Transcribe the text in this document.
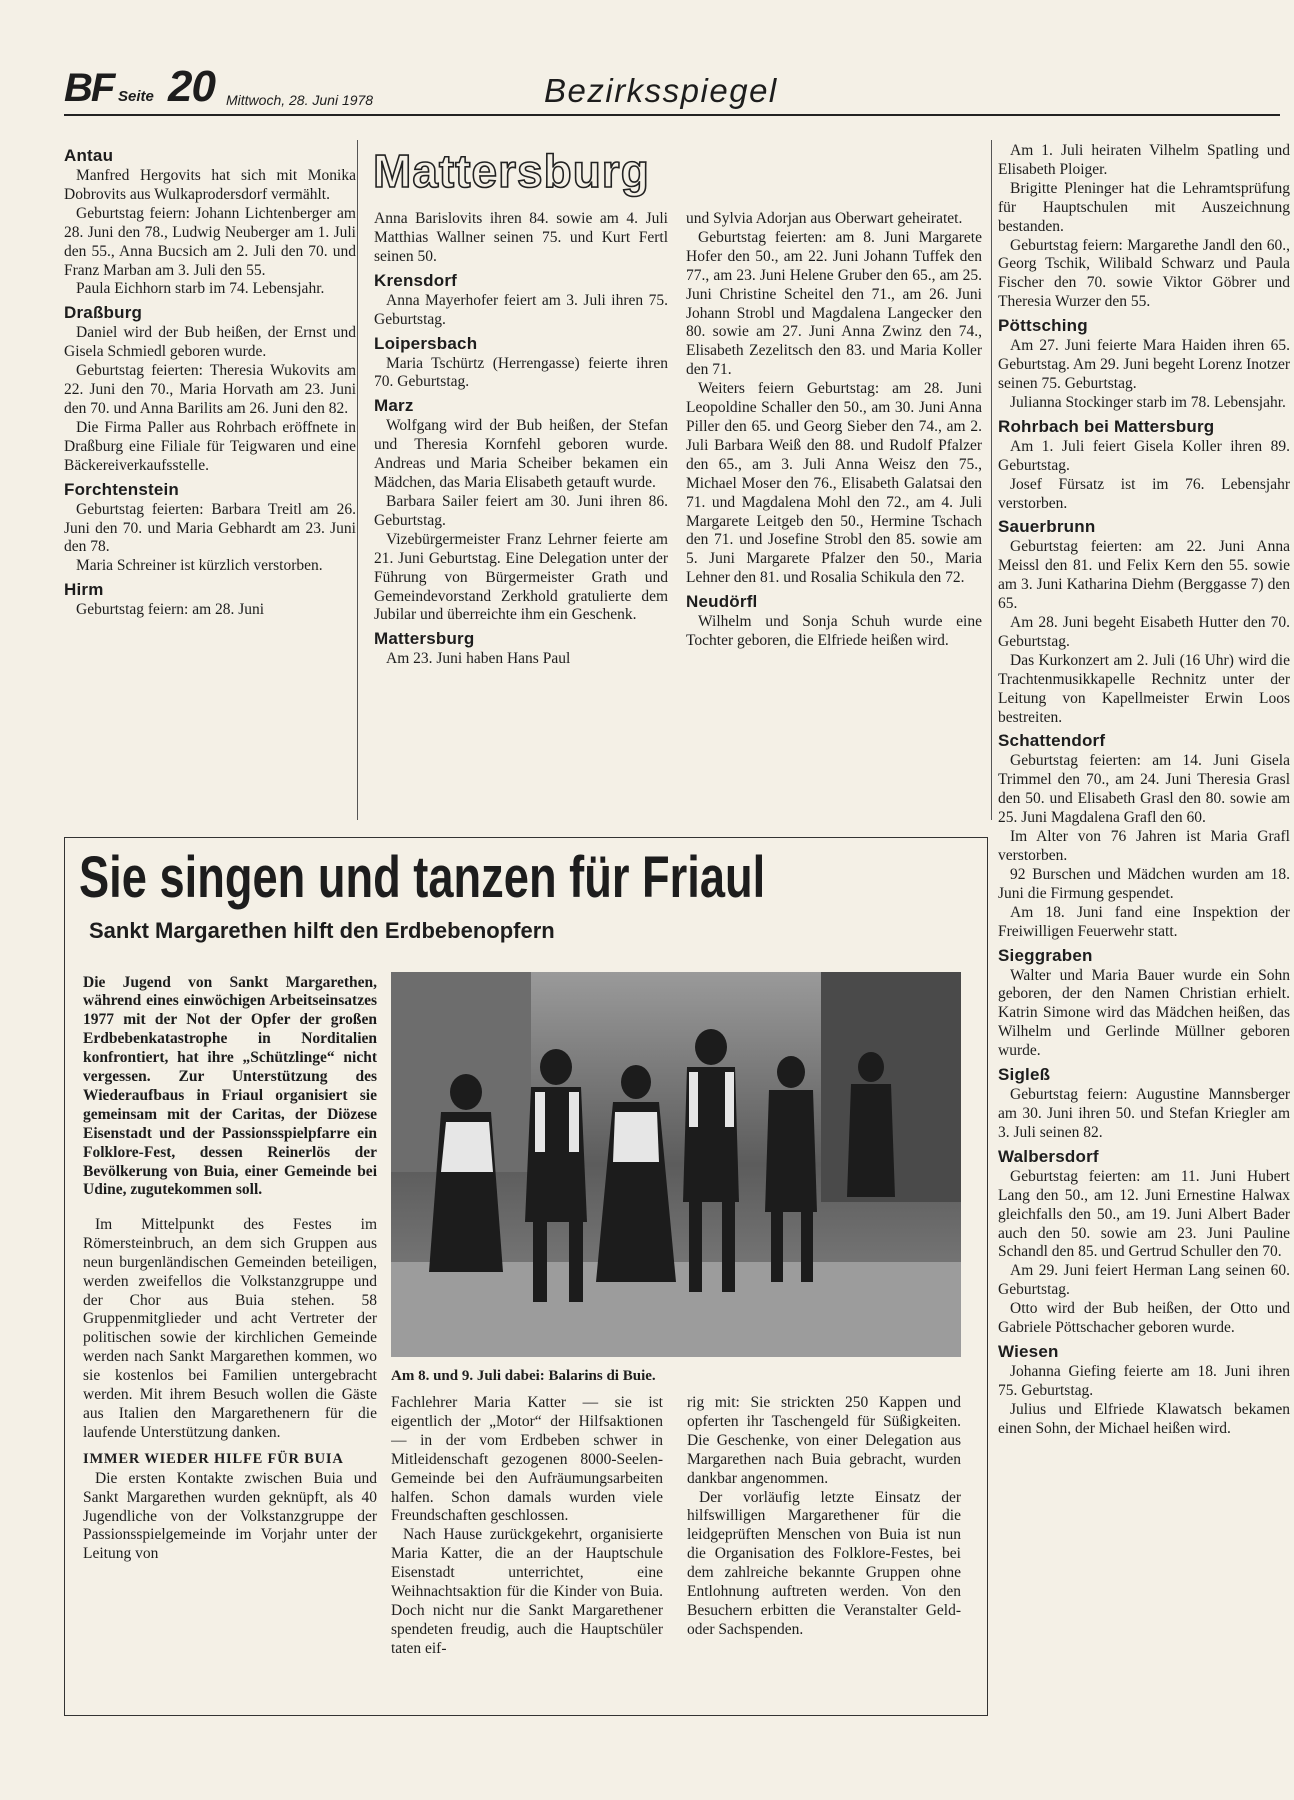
BF Seite 20 Mittwoch, 28. Juni 1978	Bezirksspiegel
Mattersburg
Antau

Manfred Hergovits hat sich mit Monika Dobrovits aus Wulkaprodersdorf vermählt.

Geburtstag feiern: Johann Lichtenberger am 28. Juni den 78., Ludwig Neuberger am 1. Juli den 55., Anna Bucsich am 2. Juli den 70. und Franz Marban am 3. Juli den 55.

Paula Eichhorn starb im 74. Lebensjahr.

Draßburg

Daniel wird der Bub heißen, der Ernst und Gisela Schmiedl geboren wurde.

Geburtstag feierten: Theresia Wukovits am 22. Juni den 70., Maria Horvath am 23. Juni den 70. und Anna Barilits am 26. Juni den 82.

Die Firma Paller aus Rohrbach eröffnete in Draßburg eine Filiale für Teigwaren und eine Bäckereiverkaufsstelle.

Forchtenstein

Geburtstag feierten: Barbara Treitl am 26. Juni den 70. und Maria Gebhardt am 23. Juni den 78.

Maria Schreiner ist kürzlich verstorben.

Hirm

Geburtstag feiern: am 28. Juni

Anna Barislovits ihren 84. sowie am 4. Juli Matthias Wallner seinen 75. und Kurt Fertl seinen 50.

Krensdorf

Anna Mayerhofer feiert am 3. Juli ihren 75. Geburtstag.

Loipersbach

Maria Tschürtz (Herrengasse) feierte ihren 70. Geburtstag.

Marz

Wolfgang wird der Bub heißen, der Stefan und Theresia Kornfehl geboren wurde. Andreas und Maria Scheiber bekamen ein Mädchen, das Maria Elisabeth getauft wurde.

Barbara Sailer feiert am 30. Juni ihren 86. Geburtstag.

Vizebürgermeister Franz Lehrner feierte am 21. Juni Geburtstag. Eine Delegation unter der Führung von Bürgermeister Grath und Gemeindevorstand Zerkhold gratulierte dem Jubilar und überreichte ihm ein Geschenk.

Mattersburg

Am 23. Juni haben Hans Paul

und Sylvia Adorjan aus Oberwart geheiratet.

Geburtstag feierten: am 8. Juni Margarete Hofer den 50., am 22. Juni Johann Tuffek den 77., am 23. Juni Helene Gruber den 65., am 25. Juni Christine Scheitel den 71., am 26. Juni Johann Strobl und Magdalena Langecker den 80. sowie am 27. Juni Anna Zwinz den 74., Elisabeth Zezelitsch den 83. und Maria Koller den 71.

Weiters feiern Geburtstag: am 28. Juni Leopoldine Schaller den 50., am 30. Juni Anna Piller den 65. und Georg Sieber den 74., am 2. Juli Barbara Weiß den 88. und Rudolf Pfalzer den 65., am 3. Juli Anna Weisz den 75., Michael Moser den 76., Elisabeth Galatsai den 71. und Magdalena Mohl den 72., am 4. Juli Margarete Leitgeb den 50., Hermine Tschach den 71. und Josefine Strobl den 85. sowie am 5. Juni Margarete Pfalzer den 50., Maria Lehner den 81. und Rosalia Schikula den 72.

Neudörfl

Wilhelm und Sonja Schuh wurde eine Tochter geboren, die Elfriede heißen wird.

Am 1. Juli heiraten Vilhelm Spatling und Elisabeth Ploiger.

Brigitte Pleninger hat die Lehramtsprüfung für Hauptschulen mit Auszeichnung bestanden.

Geburtstag feiern: Margarethe Jandl den 60., Georg Tschik, Wilibald Schwarz und Paula Fischer den 70. sowie Viktor Göbrer und Theresia Wurzer den 55.

Pöttsching

Am 27. Juni feierte Mara Haiden ihren 65. Geburtstag. Am 29. Juni begeht Lorenz Inotzer seinen 75. Geburtstag.

Julianna Stockinger starb im 78. Lebensjahr.

Rohrbach bei Mattersburg

Am 1. Juli feiert Gisela Koller ihren 89. Geburtstag.

Josef Fürsatz ist im 76. Lebensjahr verstorben.

Sauerbrunn

Geburtstag feierten: am 22. Juni Anna Meissl den 81. und Felix Kern den 55. sowie am 3. Juni Katharina Diehm (Berggasse 7) den 65.

Am 28. Juni begeht Eisabeth Hutter den 70. Geburtstag.

Das Kurkonzert am 2. Juli (16 Uhr) wird die Trachtenmusikkapelle Rechnitz unter der Leitung von Kapellmeister Erwin Loos bestreiten.

Schattendorf

Geburtstag feierten: am 14. Juni Gisela Trimmel den 70., am 24. Juni Theresia Grasl den 50. und Elisabeth Grasl den 80. sowie am 25. Juni Magdalena Grafl den 60.

Im Alter von 76 Jahren ist Maria Grafl verstorben.

92 Burschen und Mädchen wurden am 18. Juni die Firmung gespendet.

Am 18. Juni fand eine Inspektion der Freiwilligen Feuerwehr statt.

Sieggraben

Walter und Maria Bauer wurde ein Sohn geboren, der den Namen Christian erhielt. Katrin Simone wird das Mädchen heißen, das Wilhelm und Gerlinde Müllner geboren wurde.

Sigleß

Geburtstag feiern: Augustine Mannsberger am 30. Juni ihren 50. und Stefan Kriegler am 3. Juli seinen 82.

Walbersdorf

Geburtstag feierten: am 11. Juni Hubert Lang den 50., am 12. Juni Ernestine Halwax gleichfalls den 50., am 19. Juni Albert Bader auch den 50. sowie am 23. Juni Pauline Schandl den 85. und Gertrud Schuller den 70.

Am 29. Juni feiert Herman Lang seinen 60. Geburtstag.

Otto wird der Bub heißen, der Otto und Gabriele Pöttschacher geboren wurde.

Wiesen

Johanna Giefing feierte am 18. Juni ihren 75. Geburtstag.

Julius und Elfriede Klawatsch bekamen einen Sohn, der Michael heißen wird.

Sie singen und tanzen für Friaul
Sankt Margarethen hilft den Erdbebenopfern

Die Jugend von Sankt Margarethen, während eines einwöchigen Arbeitseinsatzes 1977 mit der Not der Opfer der großen Erdbebenkatastrophe in Norditalien konfrontiert, hat ihre „Schützlinge“ nicht vergessen. Zur Unterstützung des Wiederaufbaus in Friaul organisiert sie gemeinsam mit der Caritas, der Diözese Eisenstadt und der Passionsspielpfarre ein Folklore-Fest, dessen Reinerlös der Bevölkerung von Buia, einer Gemeinde bei Udine, zugutekommen soll.

Im Mittelpunkt des Festes im Römersteinbruch, an dem sich Gruppen aus neun burgenländischen Gemeinden beteiligen, werden zweifellos die Volkstanzgruppe und der Chor aus Buia stehen. 58 Gruppenmitglieder und acht Vertreter der politischen sowie der kirchlichen Gemeinde werden nach Sankt Margarethen kommen, wo sie kostenlos bei Familien untergebracht werden. Mit ihrem Besuch wollen die Gäste aus Italien den Margarethenern für die laufende Unterstützung danken.

IMMER WIEDER HILFE FÜR BUIA

Die ersten Kontakte zwischen Buia und Sankt Margarethen wurden geknüpft, als 40 Jugendliche von der Volkstanzgruppe der Passionsspielgemeinde im Vorjahr unter der Leitung von

Am 8. und 9. Juli dabei: Balarins di Buie.

Fachlehrer Maria Katter — sie ist eigentlich der „Motor“ der Hilfsaktionen — in der vom Erdbeben schwer in Mitleidenschaft gezogenen 8000-Seelen-Gemeinde bei den Aufräumungsarbeiten halfen. Schon damals wurden viele Freundschaften geschlossen.

Nach Hause zurückgekehrt, organisierte Maria Katter, die an der Hauptschule Eisenstadt unterrichtet, eine Weihnachtsaktion für die Kinder von Buia. Doch nicht nur die Sankt Margarethener spendeten freudig, auch die Hauptschüler taten eif-

rig mit: Sie strickten 250 Kappen und opferten ihr Taschengeld für Süßigkeiten. Die Geschenke, von einer Delegation aus Margarethen nach Buia gebracht, wurden dankbar angenommen.

Der vorläufig letzte Einsatz der hilfswilligen Margarethener für die leidgeprüften Menschen von Buia ist nun die Organisation des Folklore-Festes, bei dem zahlreiche bekannte Gruppen ohne Entlohnung auftreten werden. Von den Besuchern erbitten die Veranstalter Geld- oder Sachspenden.
